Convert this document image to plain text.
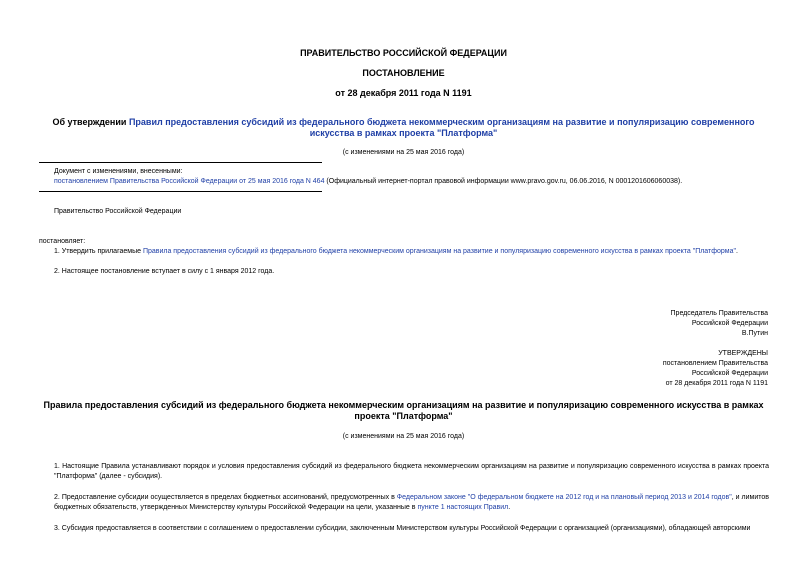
ПРАВИТЕЛЬСТВО РОССИЙСКОЙ ФЕДЕРАЦИИ
ПОСТАНОВЛЕНИЕ
от 28 декабря 2011 года N 1191
Об утверждении Правил предоставления субсидий из федерального бюджета некоммерческим организациям на развитие и популяризацию современного
искусства в рамках проекта "Платформа"
(с изменениями на 25 мая 2016 года)
Документ с изменениями, внесенными:
постановлением Правительства Российской Федерации от 25 мая 2016 года N 464 (Официальный интернет-портал правовой информации www.pravo.gov.ru, 06.06.2016, N 0001201606060038).
Правительство Российской Федерации
постановляет:
1. Утвердить прилагаемые Правила предоставления субсидий из федерального бюджета некоммерческим организациям на развитие и популяризацию современного искусства в рамках проекта "Платформа".
2. Настоящее постановление вступает в силу с 1 января 2012 года.
Председатель Правительства
Российской Федерации
В.Путин
УТВЕРЖДЕНЫ
постановлением Правительства
Российской Федерации
от 28 декабря 2011 года N 1191
Правила предоставления субсидий из федерального бюджета некоммерческим организациям на развитие и популяризацию современного искусства в рамках
проекта "Платформа"
(с изменениями на 25 мая 2016 года)
1. Настоящие Правила устанавливают порядок и условия предоставления субсидий из федерального бюджета некоммерческим организациям на развитие и популяризацию современного искусства в рамках проекта "Платформа" (далее - субсидия).
2. Предоставление субсидии осуществляется в пределах бюджетных ассигнований, предусмотренных в Федеральном законе "О федеральном бюджете на 2012 год и на плановый период 2013 и 2014 годов", и лимитов бюджетных обязательств, утвержденных Министерству культуры Российской Федерации на цели, указанные в пункте 1 настоящих Правил.
3. Субсидия предоставляется в соответствии с соглашением о предоставлении субсидии, заключенным Министерством культуры Российской Федерации с организацией (организациями), обладающей авторскими
